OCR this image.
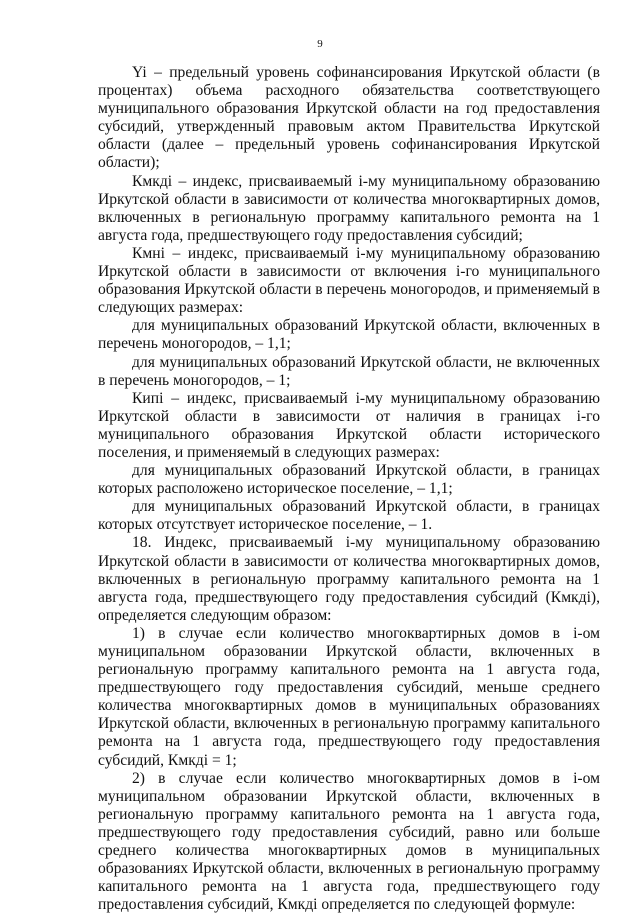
9

Yi – предельный уровень софинансирования Иркутской области (в процентах) объема расходного обязательства соответствующего муниципального образования Иркутской области на год предоставления субсидий, утвержденный правовым актом Правительства Иркутской области (далее – предельный уровень софинансирования Иркутской области);

Кмкдi – индекс, присваиваемый i-му муниципальному образованию Иркутской области в зависимости от количества многоквартирных домов, включенных в региональную программу капитального ремонта на 1 августа года, предшествующего году предоставления субсидий;

Кмнi – индекс, присваиваемый i-му муниципальному образованию Иркутской области в зависимости от включения i-го муниципального образования Иркутской области в перечень моногородов, и применяемый в следующих размерах:

для муниципальных образований Иркутской области, включенных в перечень моногородов, – 1,1;

для муниципальных образований Иркутской области, не включенных в перечень моногородов, – 1;

Кипi – индекс, присваиваемый i-му муниципальному образованию Иркутской области в зависимости от наличия в границах i-го муниципального образования Иркутской области исторического поселения, и применяемый в следующих размерах:

для муниципальных образований Иркутской области, в границах которых расположено историческое поселение, – 1,1;

для муниципальных образований Иркутской области, в границах которых отсутствует историческое поселение, – 1.

18. Индекс, присваиваемый i-му муниципальному образованию Иркутской области в зависимости от количества многоквартирных домов, включенных в региональную программу капитального ремонта на 1 августа года, предшествующего году предоставления субсидий (Кмкдi), определяется следующим образом:

1) в случае если количество многоквартирных домов в i-ом муниципальном образовании Иркутской области, включенных в региональную программу капитального ремонта на 1 августа года, предшествующего году предоставления субсидий, меньше среднего количества многоквартирных домов в муниципальных образованиях Иркутской области, включенных в региональную программу капитального ремонта на 1 августа года, предшествующего году предоставления субсидий, Кмкдi = 1;

2) в случае если количество многоквартирных домов в i-ом муниципальном образовании Иркутской области, включенных в региональную программу капитального ремонта на 1 августа года, предшествующего году предоставления субсидий, равно или больше среднего количества многоквартирных домов в муниципальных образованиях Иркутской области, включенных в региональную программу капитального ремонта на 1 августа года, предшествующего году предоставления субсидий, Кмкдi определяется по следующей формуле:
